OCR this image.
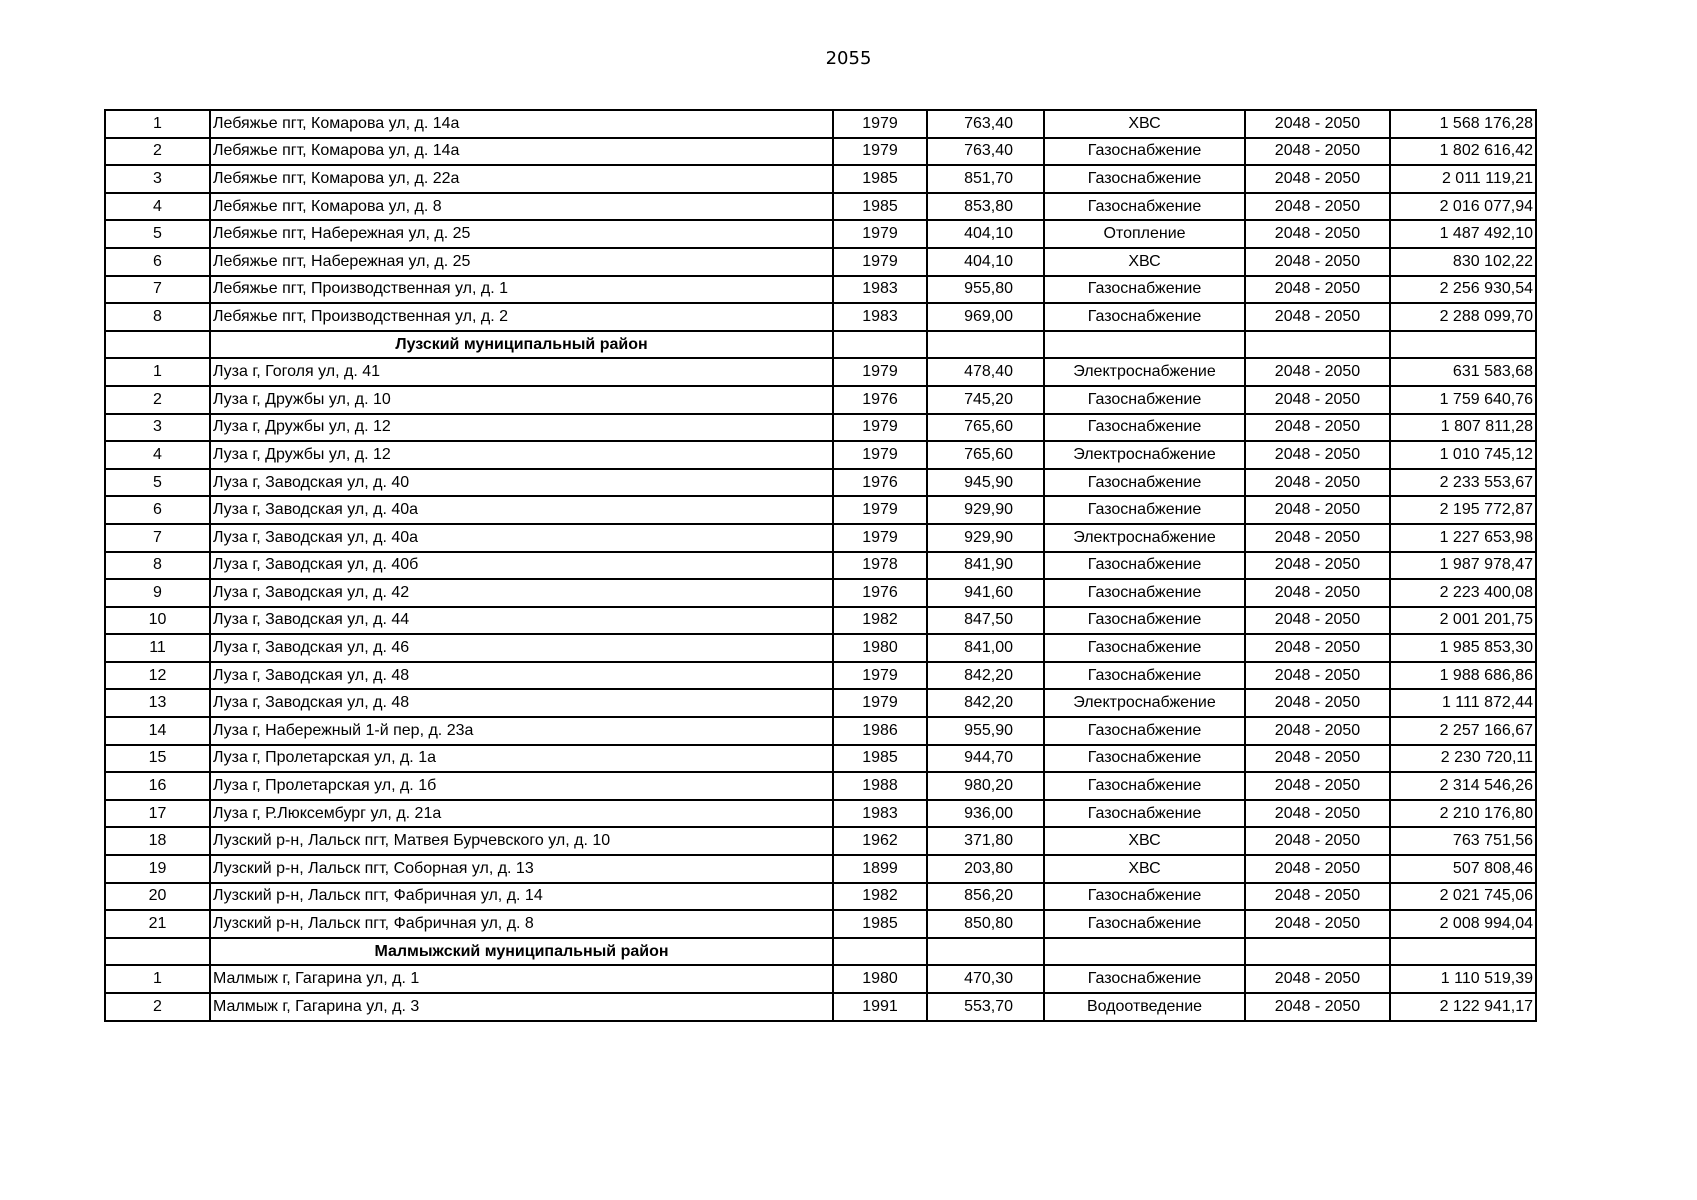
2055
1	Лебяжье пгт, Комарова ул, д. 14а	1979	763,40	ХВС	2048 - 2050	1 568 176,28
2	Лебяжье пгт, Комарова ул, д. 14а	1979	763,40	Газоснабжение	2048 - 2050	1 802 616,42
3	Лебяжье пгт, Комарова ул, д. 22а	1985	851,70	Газоснабжение	2048 - 2050	2 011 119,21
4	Лебяжье пгт, Комарова ул, д. 8	1985	853,80	Газоснабжение	2048 - 2050	2 016 077,94
5	Лебяжье пгт, Набережная ул, д. 25	1979	404,10	Отопление	2048 - 2050	1 487 492,10
6	Лебяжье пгт, Набережная ул, д. 25	1979	404,10	ХВС	2048 - 2050	830 102,22
7	Лебяжье пгт, Производственная ул, д. 1	1983	955,80	Газоснабжение	2048 - 2050	2 256 930,54
8	Лебяжье пгт, Производственная ул, д. 2	1983	969,00	Газоснабжение	2048 - 2050	2 288 099,70
	Лузский муниципальный район					
1	Луза г, Гоголя ул, д. 41	1979	478,40	Электроснабжение	2048 - 2050	631 583,68
2	Луза г, Дружбы ул, д. 10	1976	745,20	Газоснабжение	2048 - 2050	1 759 640,76
3	Луза г, Дружбы ул, д. 12	1979	765,60	Газоснабжение	2048 - 2050	1 807 811,28
4	Луза г, Дружбы ул, д. 12	1979	765,60	Электроснабжение	2048 - 2050	1 010 745,12
5	Луза г, Заводская ул, д. 40	1976	945,90	Газоснабжение	2048 - 2050	2 233 553,67
6	Луза г, Заводская ул, д. 40а	1979	929,90	Газоснабжение	2048 - 2050	2 195 772,87
7	Луза г, Заводская ул, д. 40а	1979	929,90	Электроснабжение	2048 - 2050	1 227 653,98
8	Луза г, Заводская ул, д. 40б	1978	841,90	Газоснабжение	2048 - 2050	1 987 978,47
9	Луза г, Заводская ул, д. 42	1976	941,60	Газоснабжение	2048 - 2050	2 223 400,08
10	Луза г, Заводская ул, д. 44	1982	847,50	Газоснабжение	2048 - 2050	2 001 201,75
11	Луза г, Заводская ул, д. 46	1980	841,00	Газоснабжение	2048 - 2050	1 985 853,30
12	Луза г, Заводская ул, д. 48	1979	842,20	Газоснабжение	2048 - 2050	1 988 686,86
13	Луза г, Заводская ул, д. 48	1979	842,20	Электроснабжение	2048 - 2050	1 111 872,44
14	Луза г, Набережный 1-й пер, д. 23а	1986	955,90	Газоснабжение	2048 - 2050	2 257 166,67
15	Луза г, Пролетарская ул, д. 1а	1985	944,70	Газоснабжение	2048 - 2050	2 230 720,11
16	Луза г, Пролетарская ул, д. 1б	1988	980,20	Газоснабжение	2048 - 2050	2 314 546,26
17	Луза г, Р.Люксембург ул, д. 21а	1983	936,00	Газоснабжение	2048 - 2050	2 210 176,80
18	Лузский р-н, Лальск пгт, Матвея Бурчевского ул, д. 10	1962	371,80	ХВС	2048 - 2050	763 751,56
19	Лузский р-н, Лальск пгт, Соборная ул, д. 13	1899	203,80	ХВС	2048 - 2050	507 808,46
20	Лузский р-н, Лальск пгт, Фабричная ул, д. 14	1982	856,20	Газоснабжение	2048 - 2050	2 021 745,06
21	Лузский р-н, Лальск пгт, Фабричная ул, д. 8	1985	850,80	Газоснабжение	2048 - 2050	2 008 994,04
	Малмыжский муниципальный район					
1	Малмыж г, Гагарина ул, д. 1	1980	470,30	Газоснабжение	2048 - 2050	1 110 519,39
2	Малмыж г, Гагарина ул, д. 3	1991	553,70	Водоотведение	2048 - 2050	2 122 941,17
